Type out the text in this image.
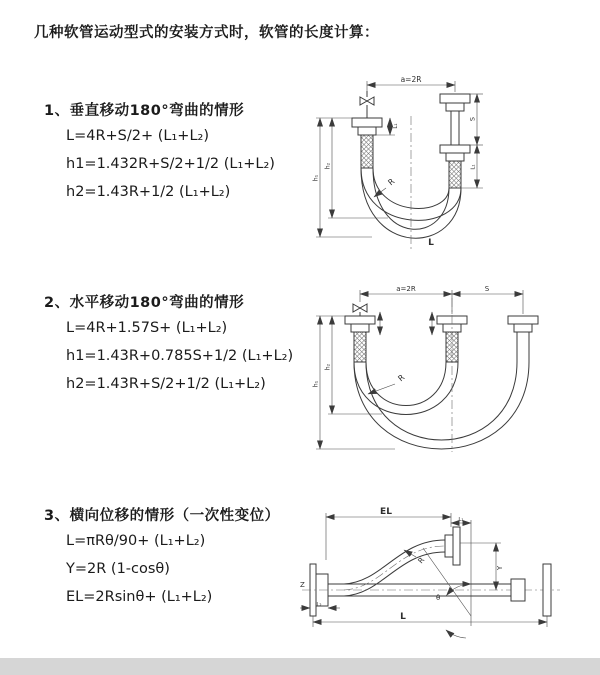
几种软管运动型式的安装方式时，软管的长度计算：
1、垂直移动180°弯曲的情形
L=4R+S/2+ (L₁+L₂)
h1=1.432R+S/2+1/2 (L₁+L₂)
h2=1.43R+1/2 (L₁+L₂)
2、水平移动180°弯曲的情形
L=4R+1.57S+ (L₁+L₂)
h1=1.43R+0.785S+1/2 (L₁+L₂)
h2=1.43R+S/2+1/2 (L₁+L₂)
3、横向位移的情形（一次性变位）
L=πRθ/90+ (L₁+L₂)
Y=2R (1-cosθ)
EL=2Rsinθ+ (L₁+L₂)
a=2R
L₁
S
L₁
h₁
h₂
R
L
a=2R	S
h₁
h₂
R
EL
L₁
Z
Y
R
θ
L
L₂
